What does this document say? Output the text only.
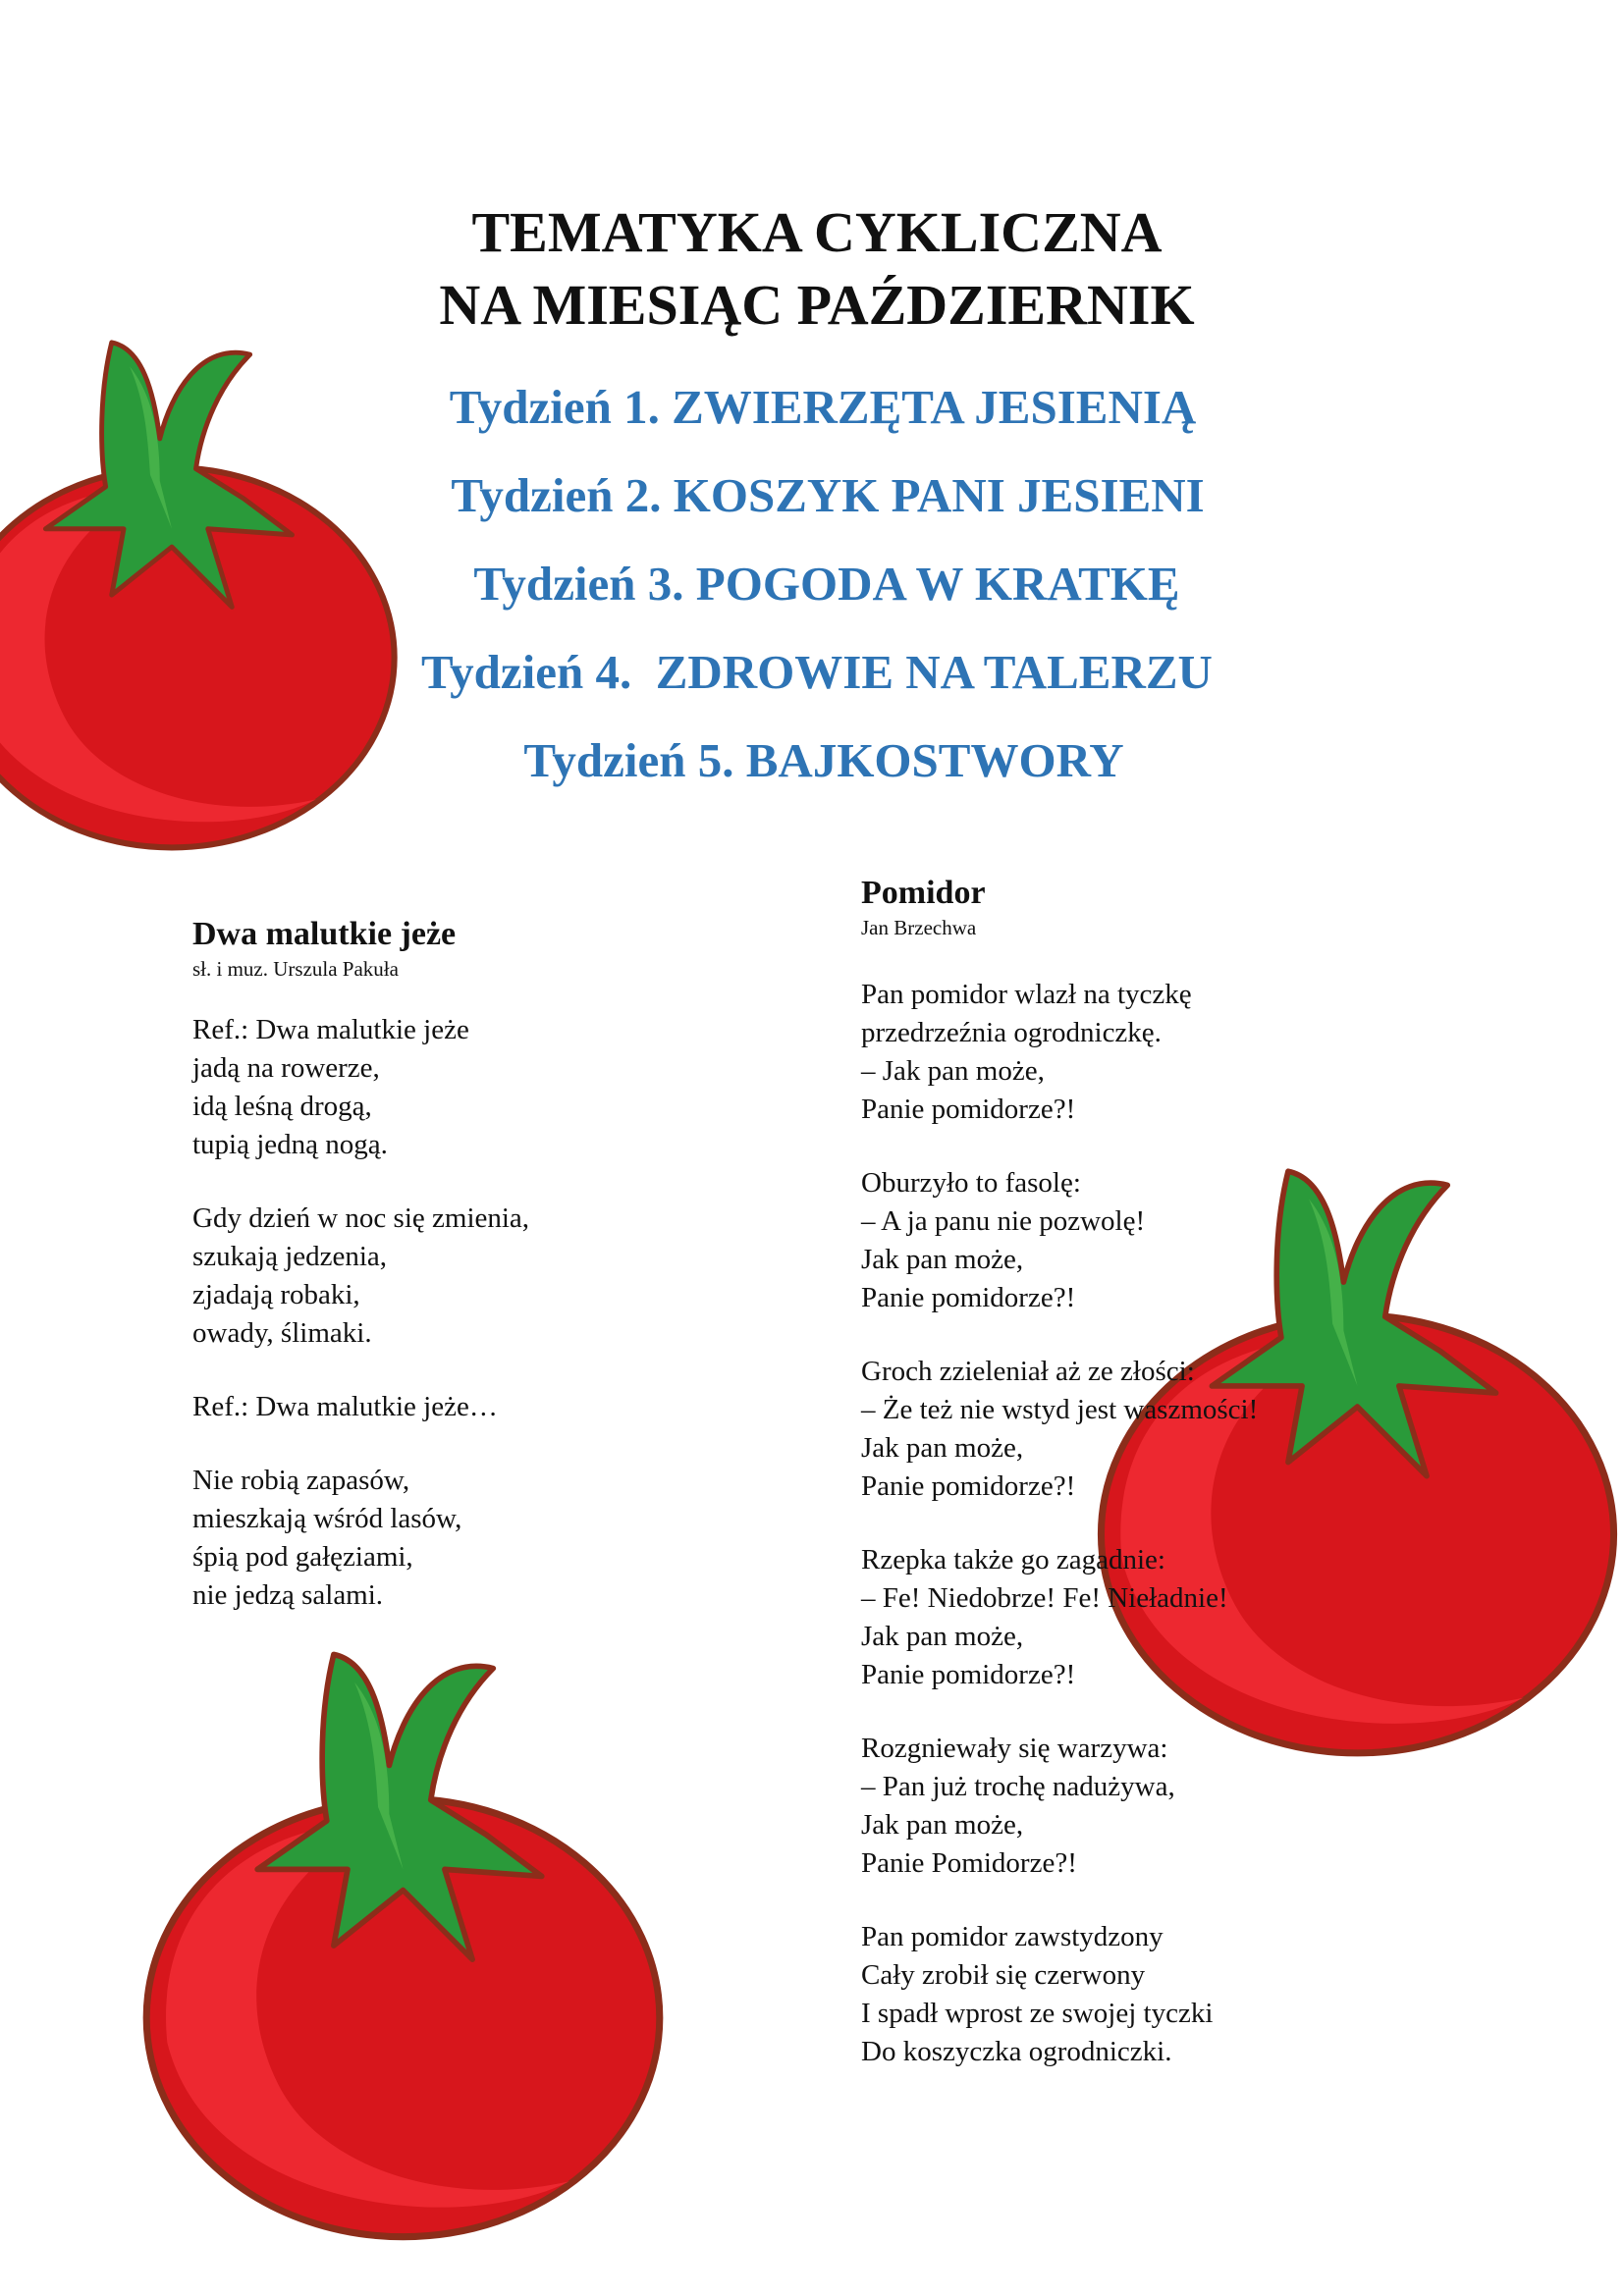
TEMATYKA CYKLICZNA
NA MIESIĄC PAŹDZIERNIK
Tydzień 1. ZWIERZĘTA JESIENIĄ
Tydzień 2. KOSZYK PANI JESIENI
Tydzień 3. POGODA W KRATKĘ
Tydzień 4.  ZDROWIE NA TALERZU
Tydzień 5. BAJKOSTWORY
Dwa malutkie jeże
sł. i muz. Urszula Pakuła
Ref.: Dwa malutkie jeże
jadą na rowerze,
idą leśną drogą,
tupią jedną nogą.
Gdy dzień w noc się zmienia,
szukają jedzenia,
zjadają robaki,
owady, ślimaki.
Ref.: Dwa malutkie jeże…
Nie robią zapasów,
mieszkają wśród lasów,
śpią pod gałęziami,
nie jedzą salami.
Pomidor
Jan Brzechwa
Pan pomidor wlazł na tyczkę
przedrzeźnia ogrodniczkę.
– Jak pan może,
Panie pomidorze?!
Oburzyło to fasolę:
– A ja panu nie pozwolę!
Jak pan może,
Panie pomidorze?!
Groch zzieleniał aż ze złości:
– Że też nie wstyd jest waszmości!
Jak pan może,
Panie pomidorze?!
Rzepka także go zagadnie:
– Fe! Niedobrze! Fe! Nieładnie!
Jak pan może,
Panie pomidorze?!
Rozgniewały się warzywa:
– Pan już trochę nadużywa,
Jak pan może,
Panie Pomidorze?!
Pan pomidor zawstydzony
Cały zrobił się czerwony
I spadł wprost ze swojej tyczki
Do koszyczka ogrodniczki.
